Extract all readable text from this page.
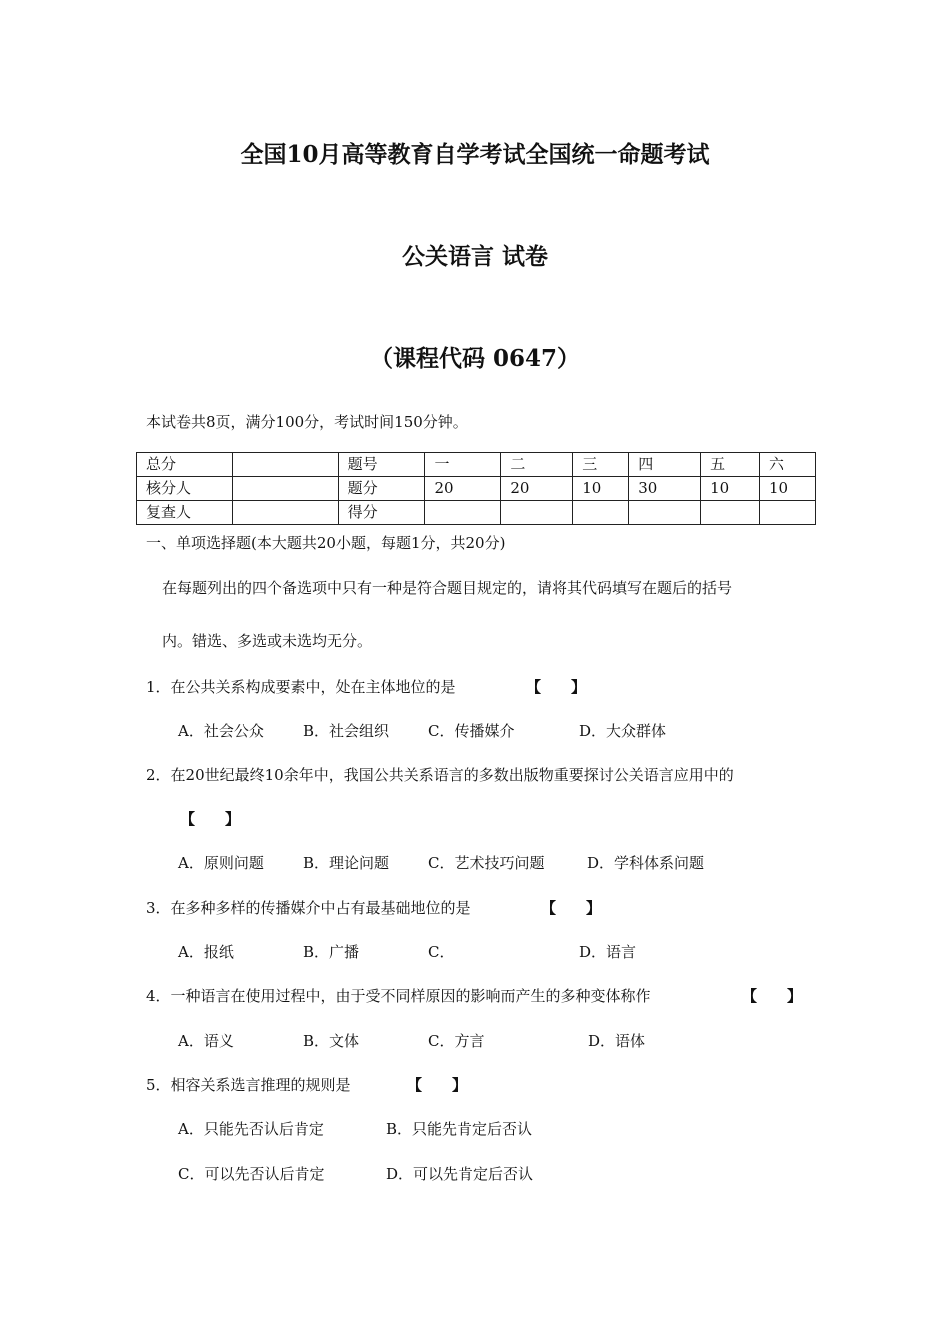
全国10月高等教育自学考试全国统一命题考试
公关语言 试卷
（课程代码 0647）
本试卷共8页，满分100分，考试时间150分钟。
总分		题号	一	二	三	四	五	六
核分人		题分	20	20	10	30	10	10
复查人		得分						
一、单项选择题(本大题共20小题，每题1分，共20分)
在每题列出的四个备选项中只有一种是符合题目规定的，请将其代码填写在题后的括号
内。错选、多选或未选均无分。
1．在公共关系构成要素中，处在主体地位的是	【　　】
A．社会公众	B．社会组织	C．传播媒介	D．大众群体
2．在20世纪最终10余年中，我国公共关系语言的多数出版物重要探讨公关语言应用中的
【　　】
A．原则问题	B．理论问题	C．艺术技巧问题	D．学科体系问题
3．在多种多样的传播媒介中占有最基础地位的是	【　　】
A．报纸	B．广播	C．	D．语言
4．一种语言在使用过程中，由于受不同样原因的影响而产生的多种变体称作	【　　】
A．语义	B．文体	C．方言	D．语体
5．相容关系选言推理的规则是	【　　】
A．只能先否认后肯定	B．只能先肯定后否认
C．可以先否认后肯定	D．可以先肯定后否认
